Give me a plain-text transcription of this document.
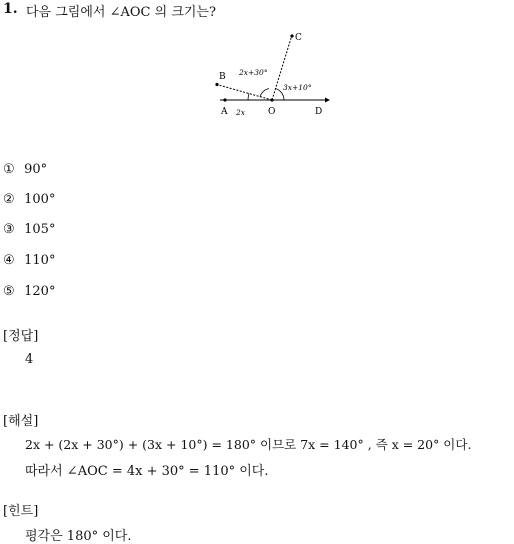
1. 다음 그림에서 ∠AOC 의 크기는?
A	O	D
B
C
2x
2x+30°
3x+10°
① 90°
② 100°
③ 105°
④ 110°
⑤ 120°
[정답]
4
[해설]
2x + (2x + 30°) + (3x + 10°) = 180° 이므로 7x = 140° , 즉 x = 20° 이다.
따라서 ∠AOC = 4x + 30° = 110° 이다.
[힌트]
평각은 180° 이다.
